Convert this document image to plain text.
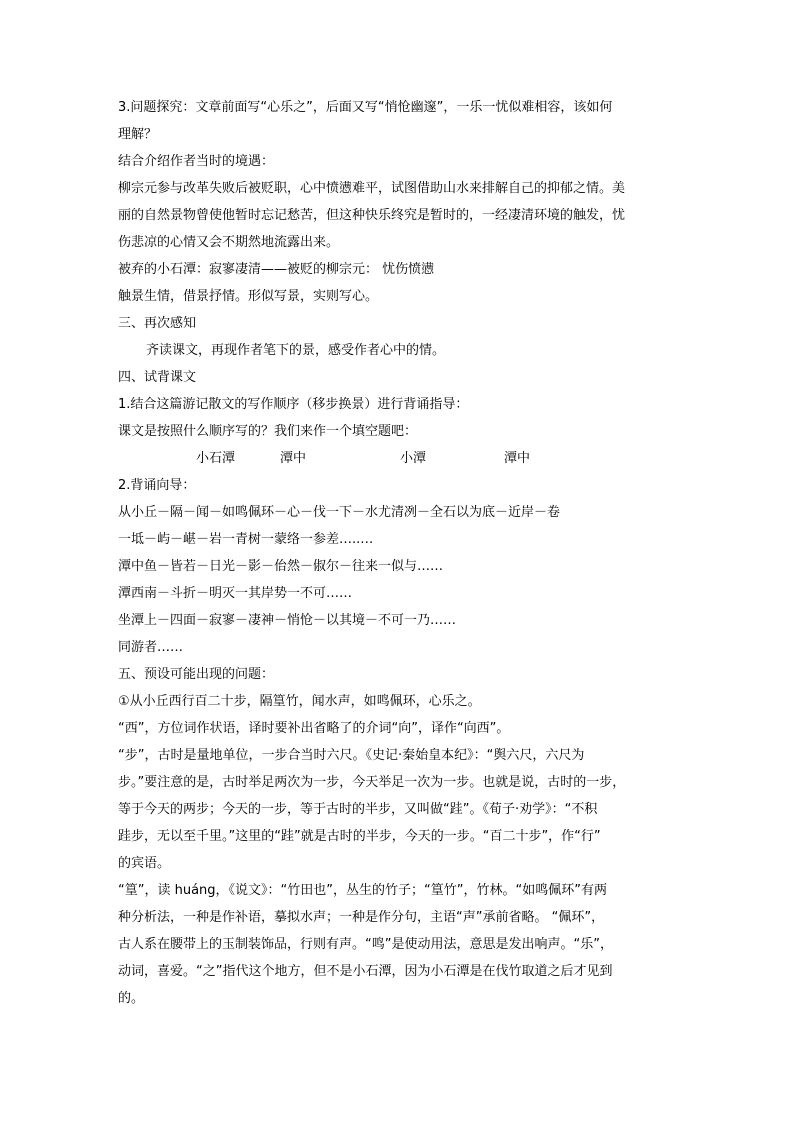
3.问题探究：文章前面写“心乐之”，后面又写“悄怆幽邃”，一乐一忧似难相容，该如何
理解？
结合介绍作者当时的境遇：
柳宗元参与改革失败后被贬职，心中愤懑难平，试图借助山水来排解自己的抑郁之情。美
丽的自然景物曾使他暂时忘记愁苦，但这种快乐终究是暂时的，一经凄清环境的触发，忧
伤悲凉的心情又会不期然地流露出来。
被弃的小石潭：寂寥凄清——被贬的柳宗元： 忧伤愤懑
触景生情，借景抒情。形似写景，实则写心。
三、再次感知
齐读课文，再现作者笔下的景，感受作者心中的情。
四、试背课文
1.结合这篇游记散文的写作顺序（移步换景）进行背诵指导：
课文是按照什么顺序写的？我们来作一个填空题吧：
小石潭	潭中	小潭	潭中
2.背诵向导：
从小丘－隔－闻－如鸣佩环－心－伐一下－水尤清冽－全石以为底－近岸－卷
一坻－屿－嵁－岩一青树一蒙络一参差…..…
潭中鱼－皆若－日光－影－佁然－俶尔－往来一似与……
潭西南－斗折－明灭一其岸势一不可……
坐潭上－四面－寂寥－凄神－悄怆－以其境－不可一乃……
同游者……
五、预设可能出现的问题：
①从小丘西行百二十步，隔篁竹，闻水声，如鸣佩环，心乐之。
“西”，方位词作状语，译时要补出省略了的介词“向”，译作“向西”。
“步”，古时是量地单位，一步合当时六尺。《史记·秦始皇本纪》：“舆六尺，六尺为
步。”要注意的是，古时举足两次为一步，今天举足一次为一步。也就是说，古时的一步，
等于今天的两步；今天的一步，等于古时的半步，又叫做“跬”。《荀子·劝学》：“不积
跬步，无以至千里。”这里的“跬”就是古时的半步，今天的一步。“百二十步”，作“行”
的宾语。
“篁”，读 huáng，《说文》：“竹田也”，丛生的竹子；“篁竹”，竹林。“如鸣佩环”有两
种分析法，一种是作补语，摹拟水声；一种是作分句，主语“声”承前省略。 “佩环”，
古人系在腰带上的玉制装饰品，行则有声。“鸣”是使动用法，意思是发出响声。“乐”，
动词，喜爱。“之”指代这个地方，但不是小石潭，因为小石潭是在伐竹取道之后才见到
的。
